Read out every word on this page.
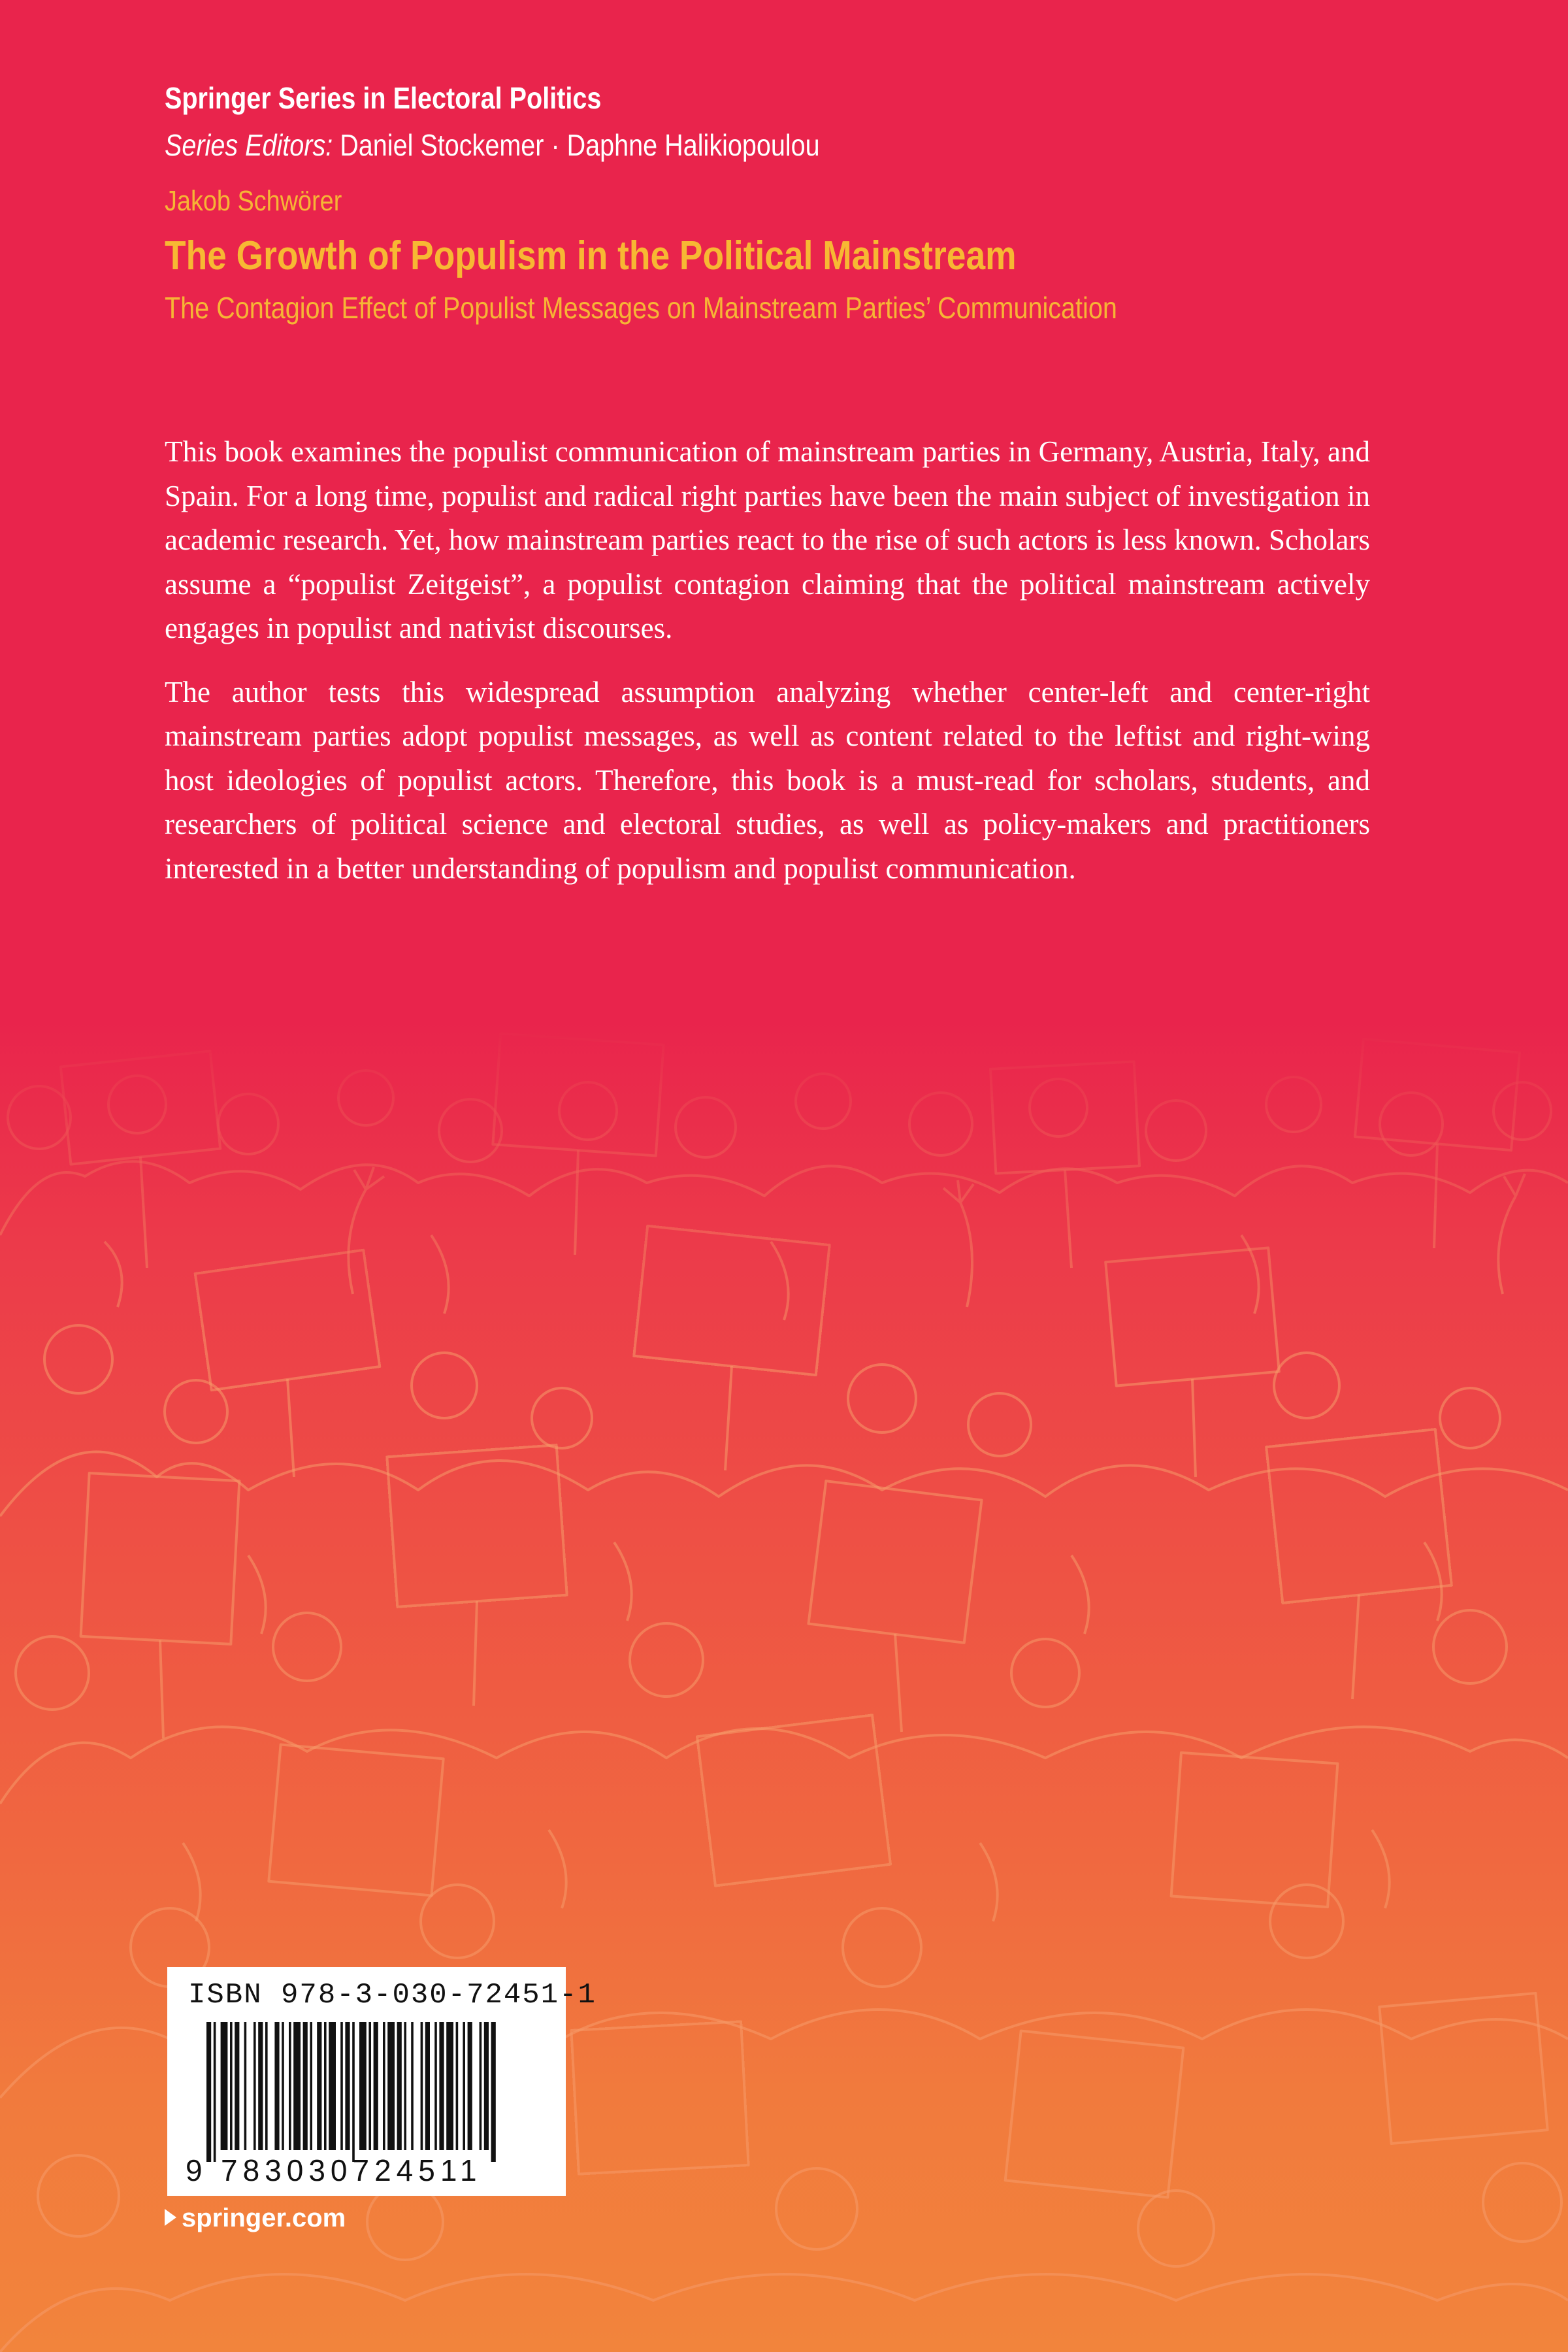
Springer Series in Electoral Politics
Series Editors: Daniel Stockemer · Daphne Halikiopoulou
Jakob Schwörer
The Growth of Populism in the Political Mainstream
The Contagion Effect of Populist Messages on Mainstream Parties’ Communication

This book examines the populist communication of mainstream parties in Germany, Austria, Italy, and Spain. For a long time, populist and radical right parties have been the main subject of investigation in academic research. Yet, how mainstream parties react to the rise of such actors is less known. Scholars assume a “populist Zeitgeist”, a populist contagion claiming that the political mainstream actively engages in populist and nativist discourses.

The author tests this widespread assumption analyzing whether center-left and center-right mainstream parties adopt populist messages, as well as content related to the leftist and right-wing host ideologies of populist actors. Therefore, this book is a must-read for scholars, students, and researchers of political science and electoral studies, as well as policy-makers and practitioners interested in a better understanding of populism and populist communication.

ISBN 978-3-030-72451-1
9 783030724511
springer.com
